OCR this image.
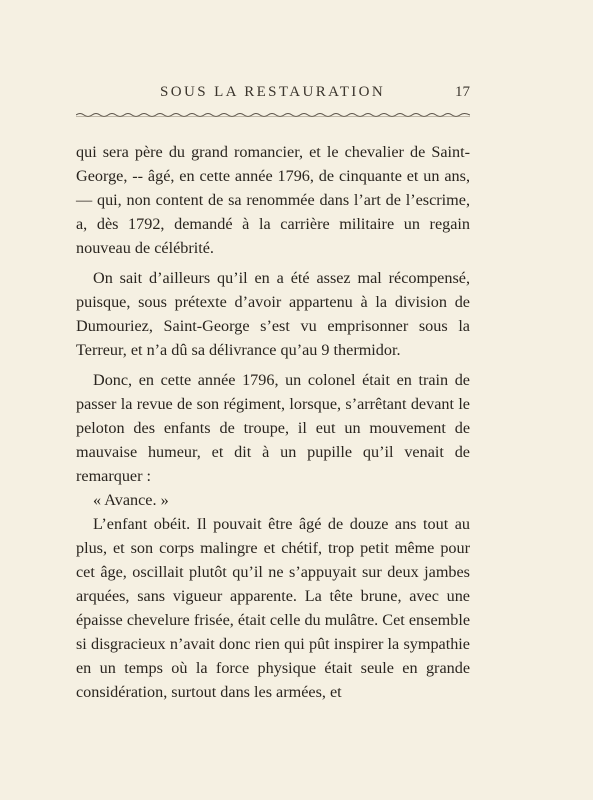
SOUS LA RESTAURATION	17

qui sera père du grand romancier, et le chevalier de Saint-George, -- âgé, en cette année 1796, de cinquante et un ans, — qui, non content de sa renommée dans l’art de l’escrime, a, dès 1792, demandé à la carrière militaire un regain nouveau de célébrité.

On sait d’ailleurs qu’il en a été assez mal récompensé, puisque, sous prétexte d’avoir appartenu à la division de Dumouriez, Saint-George s’est vu emprisonner sous la Terreur, et n’a dû sa délivrance qu’au 9 thermidor.

Donc, en cette année 1796, un colonel était en train de passer la revue de son régiment, lorsque, s’arrêtant devant le peloton des enfants de troupe, il eut un mouvement de mauvaise humeur, et dit à un pupille qu’il venait de remarquer :

« Avance. »

L’enfant obéit. Il pouvait être âgé de douze ans tout au plus, et son corps malingre et chétif, trop petit même pour cet âge, oscillait plutôt qu’il ne s’appuyait sur deux jambes arquées, sans vigueur apparente. La tête brune, avec une épaisse chevelure frisée, était celle du mulâtre. Cet ensemble si disgracieux n’avait donc rien qui pût inspirer la sympathie en un temps où la force physique était seule en grande considération, surtout dans les armées, et
